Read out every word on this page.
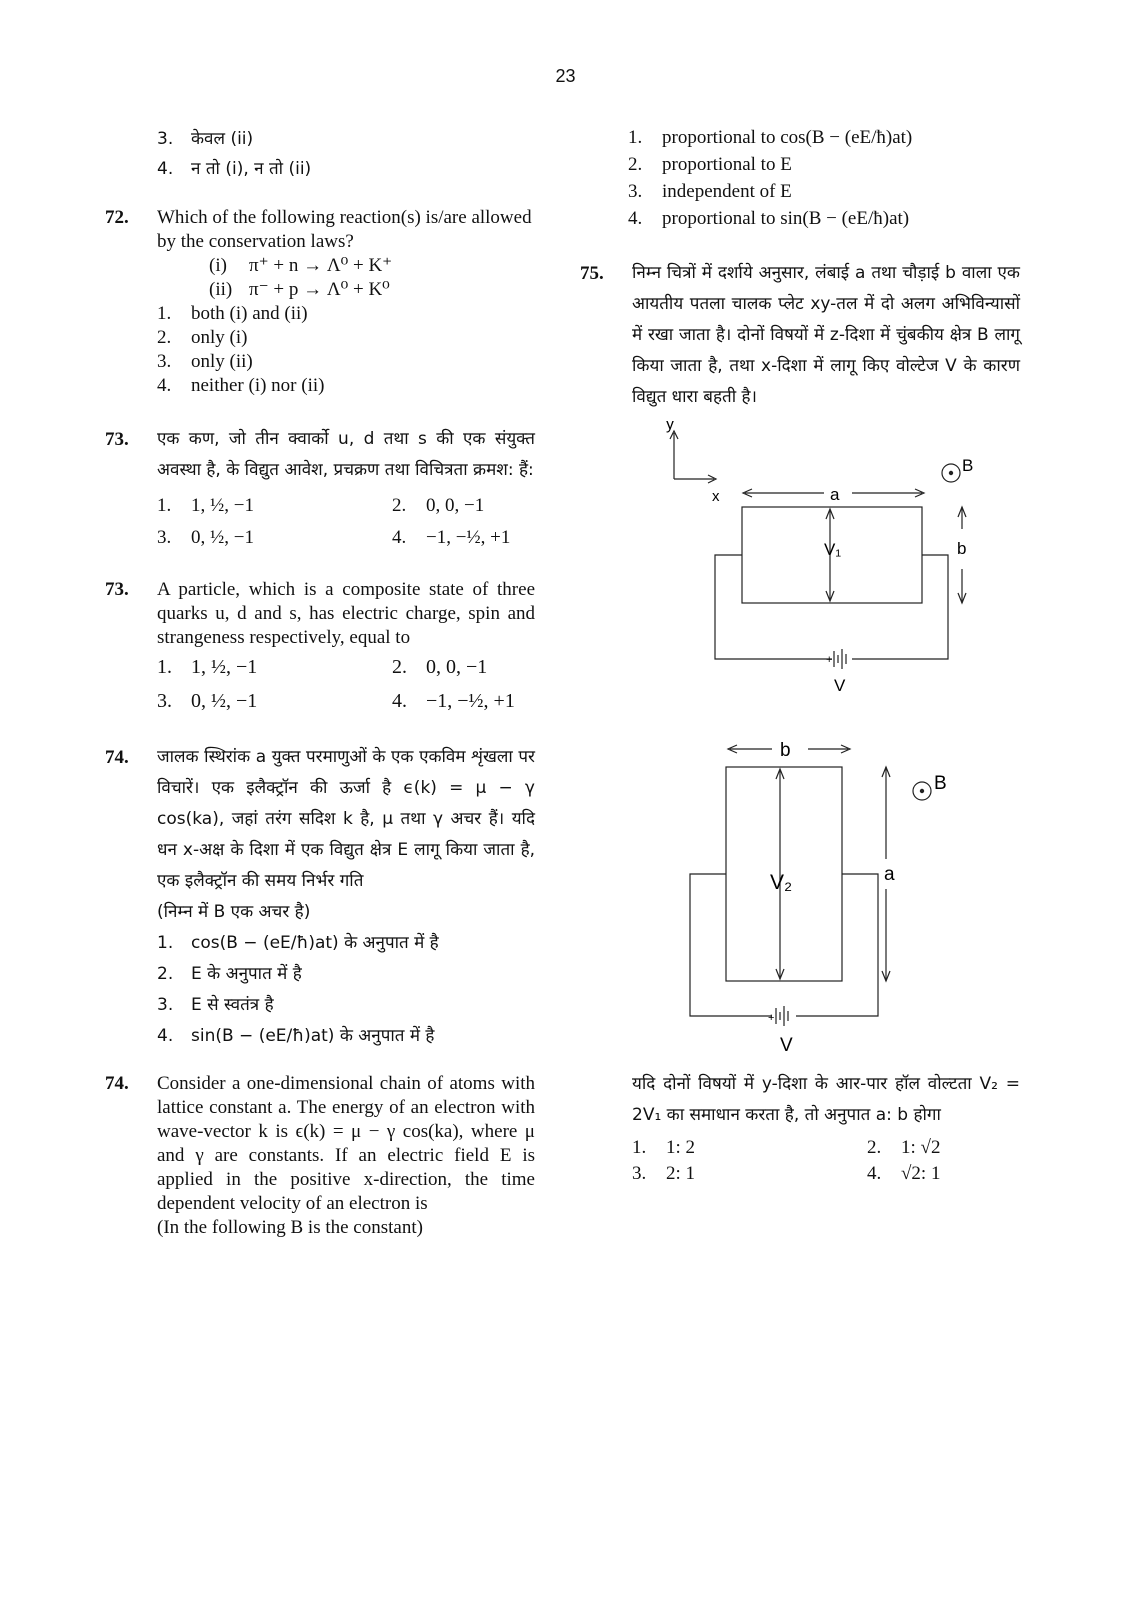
23
3.	केवल (ii)
4.	न तो (i), न तो (ii)
72. Which of the following reaction(s) is/are allowed by the conservation laws?
(i)	π⁺ + n → Λ⁰ + K⁺
(ii) π⁻ + p → Λ⁰ + K⁰
1.	both (i) and (ii)
2.	only (i)
3.	only (ii)
4.	neither (i) nor (ii)
73. एक कण, जो तीन क्वार्को u, d तथा s की एक संयुक्त अवस्था है, के विद्युत आवेश, प्रचक्रण तथा विचित्रता क्रमश: हैं:
1.	1, ½, −1	2.	0, 0, −1
3.	0, ½, −1	4.	−1, −½, +1
73. A particle, which is a composite state of three quarks u, d and s, has electric charge, spin and strangeness respectively, equal to
1. 1, ½, −1	2. 0, 0, −1
3. 0, ½, −1	4. −1, −½, +1
74. जालक स्थिरांक a युक्त परमाणुओं के एक एकविम शृंखला पर विचारें। एक इलैक्ट्रॉन की ऊर्जा है ϵ(k) = μ − γ cos(ka), जहां तरंग सदिश k है, μ तथा γ अचर हैं। यदि धन x-अक्ष के दिशा में एक विद्युत क्षेत्र E लागू किया जाता है, एक इलैक्ट्रॉन की समय निर्भर गति
(निम्न में B एक अचर है)
1.	cos(B − (eE/ħ)at) के अनुपात में है
2.	E के अनुपात में है
3.	E से स्वतंत्र है
4.	sin(B − (eE/ħ)at) के अनुपात में है
74. Consider a one-dimensional chain of atoms with lattice constant a. The energy of an electron with wave-vector k is ϵ(k) = μ − γ cos(ka), where μ and γ are constants. If an electric field E is applied in the positive x-direction, the time dependent velocity of an electron is
(In the following B is the constant)
1.	proportional to cos(B − (eE/ħ)at)
2.	proportional to E
3.	independent of E
4.	proportional to sin(B − (eE/ħ)at)
75. निम्न चित्रों में दर्शाये अनुसार, लंबाई a तथा चौड़ाई b वाला एक आयतीय पतला चालक प्लेट xy-तल में दो अलग अभिविन्यासों में रखा जाता है। दोनों विषयों में z-दिशा में चुंबकीय क्षेत्र B लागू किया जाता है, तथा x-दिशा में लागू किए वोल्टेज V के कारण विद्युत धारा बहती है।
y
x	a
b
V₁
B
+
V
b
a
V₂
B
+
V
यदि दोनों विषयों में y-दिशा के आर-पार हॉल वोल्टता V₂ = 2V₁ का समाधान करता है, तो अनुपात a: b होगा
1.	1: 2	2.	1: √2
3.	2: 1	4.	√2: 1
